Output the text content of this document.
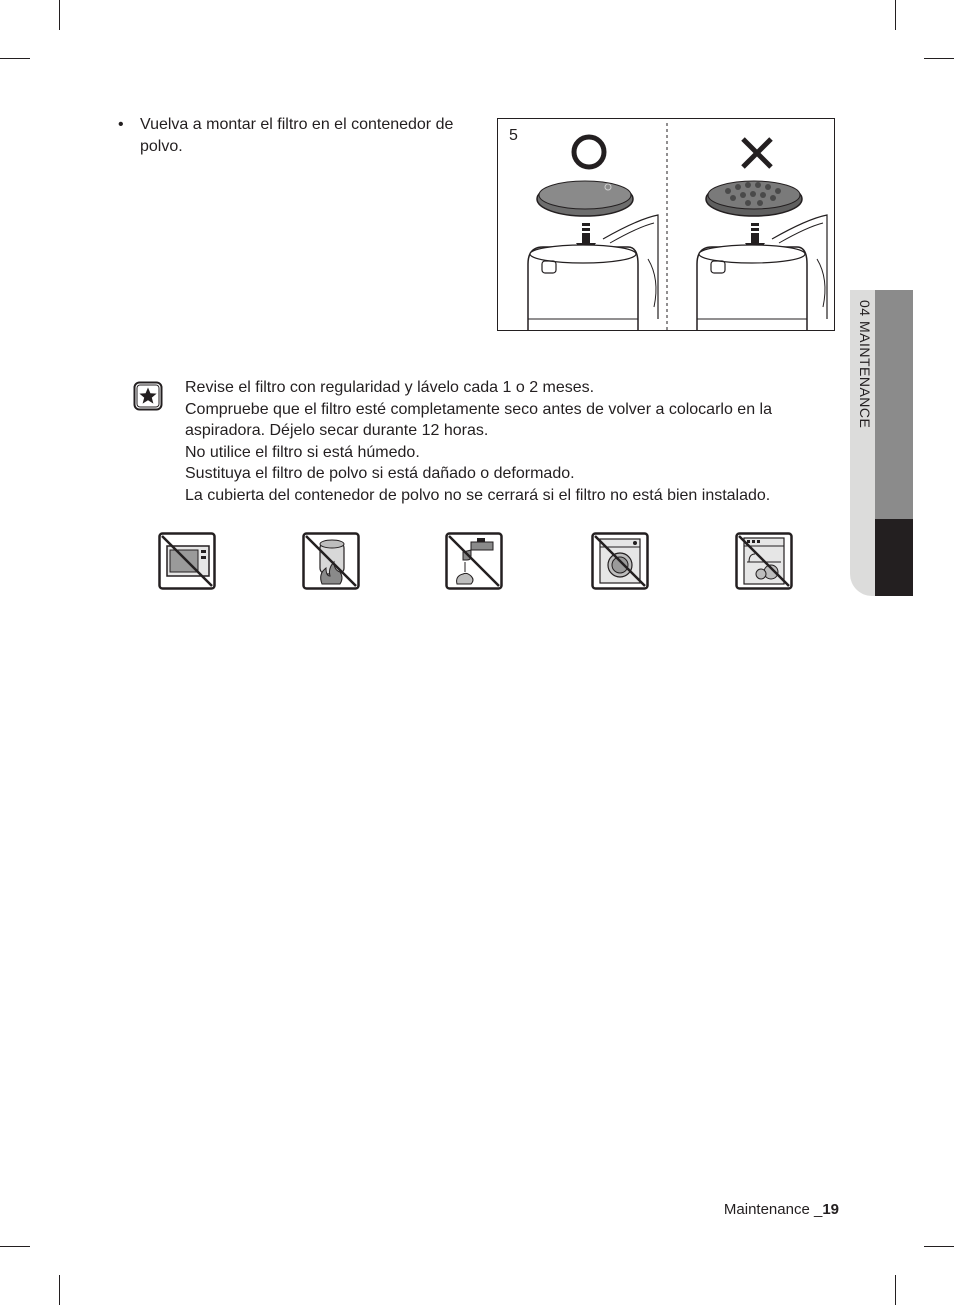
• Vuelva a montar el filtro en el contenedor de polvo.
5
Revise el filtro con regularidad y lávelo cada 1 o 2 meses.
Compruebe que el filtro esté completamente seco antes de volver a colocarlo en la aspiradora. Déjelo secar durante 12 horas.
No utilice el filtro si está húmedo.
Sustituya el filtro de polvo si está dañado o deformado.
La cubierta del contenedor de polvo no se cerrará si el filtro no está bien instalado.
04 MAINTENANCE
Maintenance _19
